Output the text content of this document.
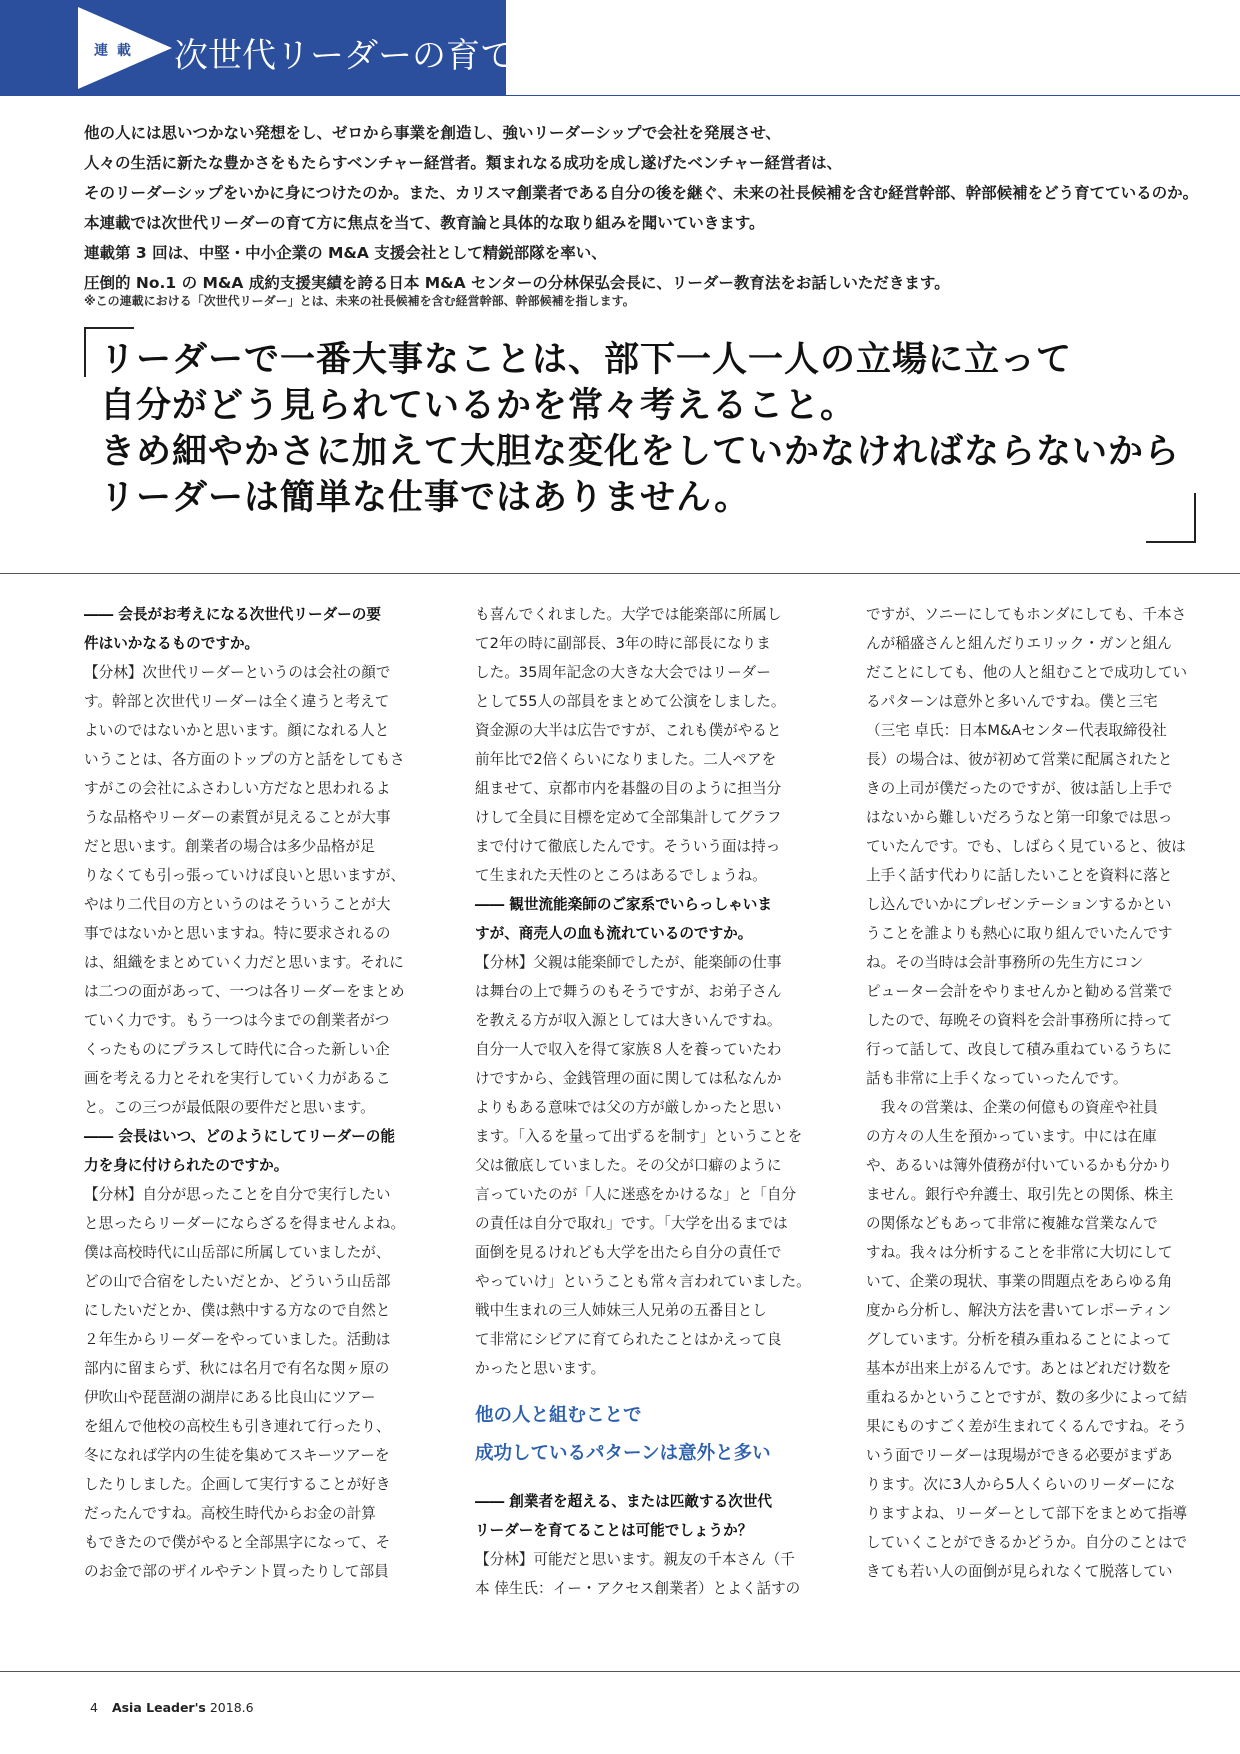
連 載 次世代リーダーの育て方

他の人には思いつかない発想をし、ゼロから事業を創造し、強いリーダーシップで会社を発展させ、

人々の生活に新たな豊かさをもたらすベンチャー経営者。類まれなる成功を成し遂げたベンチャー経営者は、

そのリーダーシップをいかに身につけたのか。また、カリスマ創業者である自分の後を継ぐ、未来の社長候補を含む経営幹部、幹部候補をどう育てているのか。

本連載では次世代リーダーの育て方に焦点を当て、教育論と具体的な取り組みを聞いていきます。

連載第 3 回は、中堅・中小企業の M&A 支援会社として精鋭部隊を率い、

圧倒的 No.1 の M&A 成約支援実績を誇る日本 M&A センターの分林保弘会長に、リーダー教育法をお話しいただきます。

※この連載における「次世代リーダー」とは、未来の社長候補を含む経営幹部、幹部候補を指します。

リーダーで一番大事なことは、部下一人一人の立場に立って

自分がどう見られているかを常々考えること。

きめ細やかさに加えて大胆な変化をしていかなければならないから

リーダーは簡単な仕事ではありません。

―― 会長がお考えになる次世代リーダーの要
件はいかなるものですか。
【分林】次世代リーダーというのは会社の顔で
す。幹部と次世代リーダーは全く違うと考えて
よいのではないかと思います。顔になれる人と
いうことは、各方面のトップの方と話をしてもさ
すがこの会社にふさわしい方だなと思われるよ
うな品格やリーダーの素質が見えることが大事
だと思います。創業者の場合は多少品格が足
りなくても引っ張っていけば良いと思いますが、
やはり二代目の方というのはそういうことが大
事ではないかと思いますね。特に要求されるの
は、組織をまとめていく力だと思います。それに
は二つの面があって、一つは各リーダーをまとめ
ていく力です。もう一つは今までの創業者がつ
くったものにプラスして時代に合った新しい企
画を考える力とそれを実行していく力があるこ
と。この三つが最低限の要件だと思います。
―― 会長はいつ、どのようにしてリーダーの能
力を身に付けられたのですか。
【分林】自分が思ったことを自分で実行したい
と思ったらリーダーにならざるを得ませんよね。
僕は高校時代に山岳部に所属していましたが、
どの山で合宿をしたいだとか、どういう山岳部
にしたいだとか、僕は熱中する方なので自然と
２年生からリーダーをやっていました。活動は
部内に留まらず、秋には名月で有名な関ヶ原の
伊吹山や琵琶湖の湖岸にある比良山にツアー
を組んで他校の高校生も引き連れて行ったり、
冬になれば学内の生徒を集めてスキーツアーを
したりしました。企画して実行することが好き
だったんですね。高校生時代からお金の計算
もできたので僕がやると全部黒字になって、そ
のお金で部のザイルやテント買ったりして部員
も喜んでくれました。大学では能楽部に所属し
て2年の時に副部長、3年の時に部長になりま
した。35周年記念の大きな大会ではリーダー
として55人の部員をまとめて公演をしました。
資金源の大半は広告ですが、これも僕がやると
前年比で2倍くらいになりました。二人ペアを
組ませて、京都市内を碁盤の目のように担当分
けして全員に目標を定めて全部集計してグラフ
まで付けて徹底したんです。そういう面は持っ
て生まれた天性のところはあるでしょうね。
―― 観世流能楽師のご家系でいらっしゃいま
すが、商売人の血も流れているのですか。
【分林】父親は能楽師でしたが、能楽師の仕事
は舞台の上で舞うのもそうですが、お弟子さん
を教える方が収入源としては大きいんですね。
自分一人で収入を得て家族８人を養っていたわ
けですから、金銭管理の面に関しては私なんか
よりもある意味では父の方が厳しかったと思い
ます。「入るを量って出ずるを制す」ということを
父は徹底していました。その父が口癖のように
言っていたのが「人に迷惑をかけるな」と「自分
の責任は自分で取れ」です。「大学を出るまでは
面倒を見るけれども大学を出たら自分の責任で
やっていけ」ということも常々言われていました。
戦中生まれの三人姉妹三人兄弟の五番目とし
て非常にシビアに育てられたことはかえって良
かったと思います。
他の人と組むことで
成功しているパターンは意外と多い
―― 創業者を超える、または匹敵する次世代
リーダーを育てることは可能でしょうか？
【分林】可能だと思います。親友の千本さん（千
本 倖生氏：イー・アクセス創業者）とよく話すの
ですが、ソニーにしてもホンダにしても、千本さ
んが稲盛さんと組んだりエリック・ガンと組ん
だことにしても、他の人と組むことで成功してい
るパターンは意外と多いんですね。僕と三宅
（三宅 卓氏：日本M&Aセンター代表取締役社
長）の場合は、彼が初めて営業に配属されたと
きの上司が僕だったのですが、彼は話し上手で
はないから難しいだろうなと第一印象では思っ
ていたんです。でも、しばらく見ていると、彼は
上手く話す代わりに話したいことを資料に落と
し込んでいかにプレゼンテーションするかとい
うことを誰よりも熱心に取り組んでいたんです
ね。その当時は会計事務所の先生方にコン
ピューター会計をやりませんかと勧める営業で
したので、毎晩その資料を会計事務所に持って
行って話して、改良して積み重ねているうちに
話も非常に上手くなっていったんです。
　我々の営業は、企業の何億もの資産や社員
の方々の人生を預かっています。中には在庫
や、あるいは簿外債務が付いているかも分かり
ません。銀行や弁護士、取引先との関係、株主
の関係などもあって非常に複雑な営業なんで
すね。我々は分析することを非常に大切にして
いて、企業の現状、事業の問題点をあらゆる角
度から分析し、解決方法を書いてレポーティン
グしています。分析を積み重ねることによって
基本が出来上がるんです。あとはどれだけ数を
重ねるかということですが、数の多少によって結
果にものすごく差が生まれてくるんですね。そう
いう面でリーダーは現場ができる必要がまずあ
ります。次に3人から5人くらいのリーダーにな
りますよね、リーダーとして部下をまとめて指導
していくことができるかどうか。自分のことはで
きても若い人の面倒が見られなくて脱落してい
4 Asia Leader's 2018.6
